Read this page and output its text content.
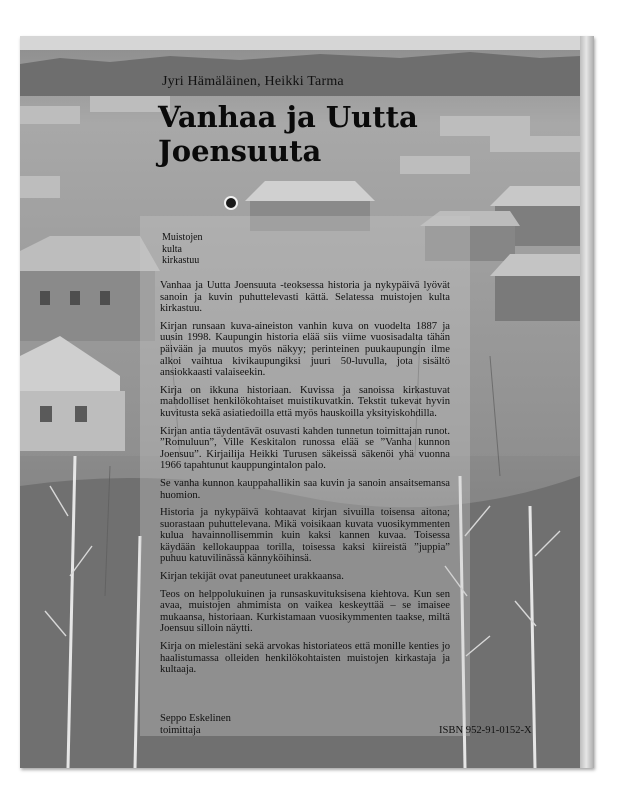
Jyri Hämäläinen, Heikki Tarma
Vanhaa ja Uutta
Joensuuta
Muistojen
kulta
kirkastuu

Vanhaa ja Uutta Joensuuta -teoksessa historia ja nykypäivä lyövät sanoin ja kuvin puhuttelevasti kättä. Selatessa muistojen kulta kirkastuu.

Kirjan runsaan kuva-aineiston vanhin kuva on vuodelta 1887 ja uusin 1998. Kaupungin historia elää siis viime vuosisadalta tähän päivään ja muutos myös näkyy; perinteinen puukaupungin ilme alkoi vaihtua kivikaupungiksi juuri 50-luvulla, jota sisältö ansiokkaasti valaiseekin.

Kirja on ikkuna historiaan. Kuvissa ja sanoissa kirkastuvat mahdolliset henkilökohtaiset muistikuvatkin. Tekstit tukevat hyvin kuvitusta sekä asiatiedoilla että myös hauskoilla yksityiskohdilla.

Kirjan antia täydentävät osuvasti kahden tunnetun toimittajan runot. ”Romuluun”, Ville Keskitalon runossa elää se ”Vanha kunnon Joensuu”. Kirjailija Heikki Turusen säkeissä säkenöi yhä vuonna 1966 tapahtunut kauppungintalon palo.

Se vanha kunnon kauppahallikin saa kuvin ja sanoin ansaitsemansa huomion.

Historia ja nykypäivä kohtaavat kirjan sivuilla toisensa aitona; suorastaan puhuttelevana. Mikä voisikaan kuvata vuosikymmenten kulua havainnollisemmin kuin kaksi kannen kuvaa. Toisessa käydään kellokauppaa torilla, toisessa kaksi kiireistä ”juppia” puhuu katuvilinässä kännyköihinsä.

Kirjan tekijät ovat paneutuneet urakkaansa.

Teos on helppolukuinen ja runsaskuvituksisena kiehtova. Kun sen avaa, muistojen ahmimista on vaikea keskeyttää – se imaisee mukaansa, historiaan. Kurkistamaan vuosikymmenten taakse, miltä Joensuu silloin näytti.

Kirja on mielestäni sekä arvokas historiateos että monille kenties jo haalistumassa olleiden henkilökohtaisten muistojen kirkastaja ja kultaaja.

Seppo Eskelinen
toimittaja	ISBN 952-91-0152-X
